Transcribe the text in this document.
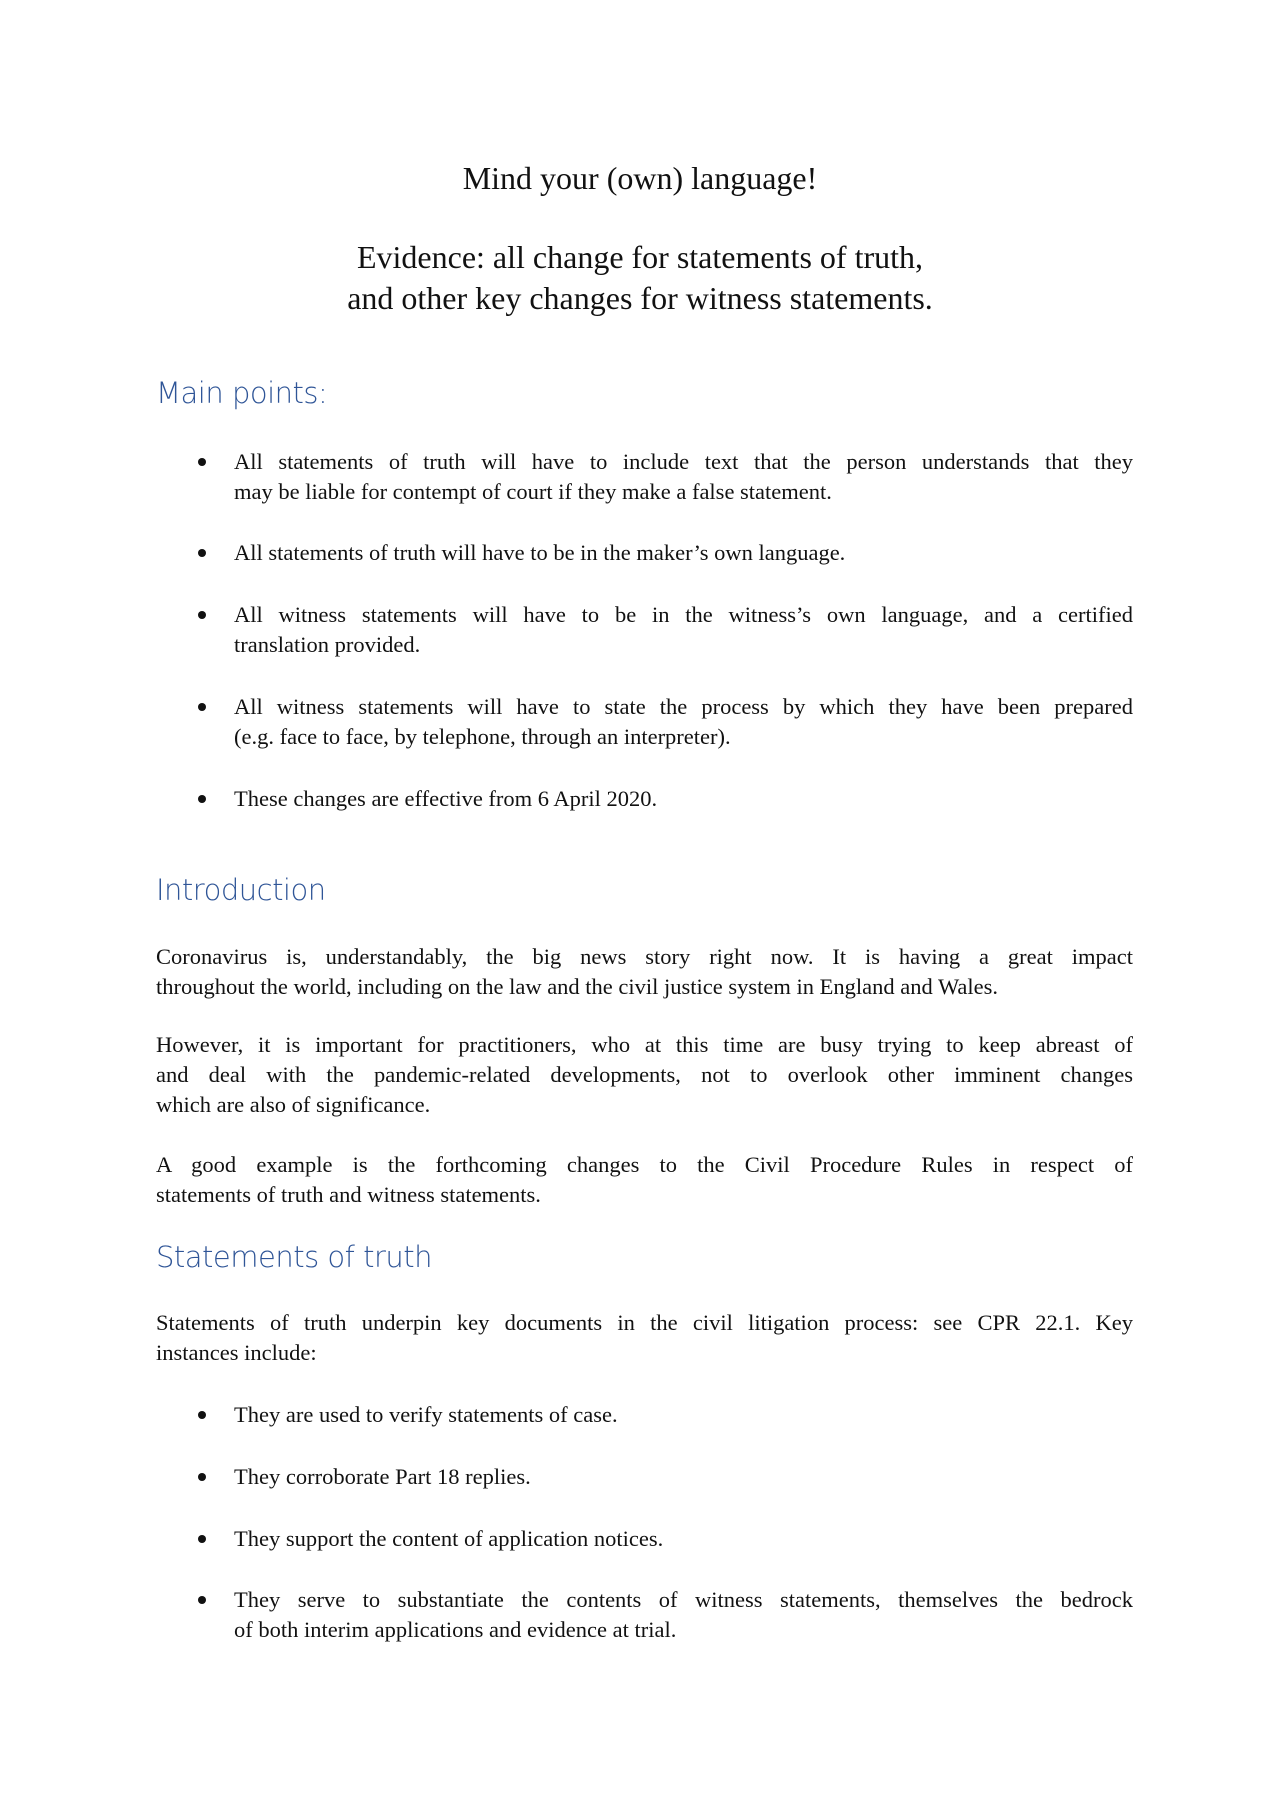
Mind your (own) language!
Evidence: all change for statements of truth,
and other key changes for witness statements.
Main points:
All statements of truth will have to include text that the person understands that they
may be liable for contempt of court if they make a false statement.
All statements of truth will have to be in the maker’s own language.
All witness statements will have to be in the witness’s own language, and a certified
translation provided.
All witness statements will have to state the process by which they have been prepared
(e.g. face to face, by telephone, through an interpreter).
These changes are effective from 6 April 2020.
Introduction
Coronavirus is, understandably, the big news story right now. It is having a great impact
throughout the world, including on the law and the civil justice system in England and Wales.
However, it is important for practitioners, who at this time are busy trying to keep abreast of
and deal with the pandemic-related developments, not to overlook other imminent changes
which are also of significance.
A good example is the forthcoming changes to the Civil Procedure Rules in respect of
statements of truth and witness statements.
Statements of truth
Statements of truth underpin key documents in the civil litigation process: see CPR 22.1. Key
instances include:
They are used to verify statements of case.
They corroborate Part 18 replies.
They support the content of application notices.
They serve to substantiate the contents of witness statements, themselves the bedrock
of both interim applications and evidence at trial.
